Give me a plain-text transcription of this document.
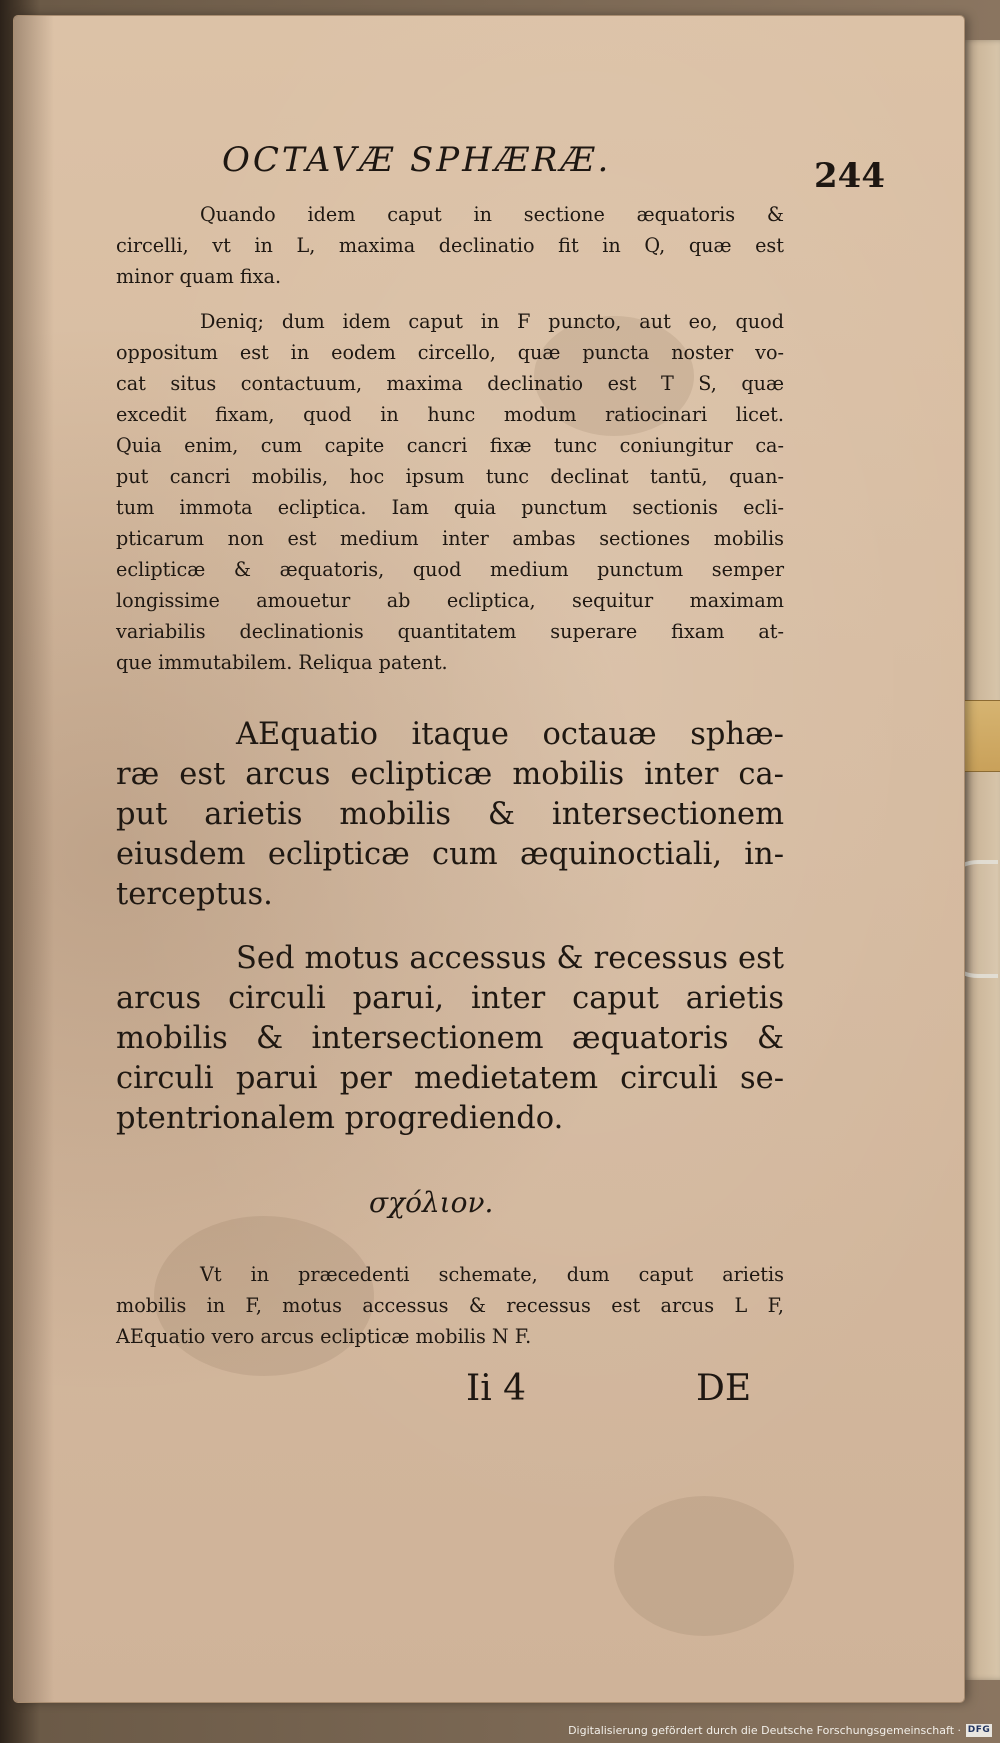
OCTAVÆ SPHÆRÆ.	244
Quando idem caput in sectione æquatoris &
circelli, vt in L, maxima declinatio fit in Q, quæ est
minor quam fixa.
Deniq; dum idem caput in F puncto, aut eo, quod
oppositum est in eodem circello, quæ puncta noster vo-
cat situs contactuum, maxima declinatio est T S, quæ
excedit fixam, quod in hunc modum ratiocinari licet.
Quia enim, cum capite cancri fixæ tunc coniungitur ca-
put cancri mobilis, hoc ipsum tunc declinat tantū, quan-
tum immota ecliptica. Iam quia punctum sectionis ecli-
pticarum non est medium inter ambas sectiones mobilis
eclipticæ & æquatoris, quod medium punctum semper
longissime amouetur ab ecliptica, sequitur maximam
variabilis declinationis quantitatem superare fixam at-
que immutabilem. Reliqua patent.
AEquatio itaque octauæ sphæ-
ræ est arcus eclipticæ mobilis inter ca-
put arietis mobilis & intersectionem
eiusdem eclipticæ cum æquinoctiali, in-
terceptus.
Sed motus accessus & recessus est
arcus circuli parui, inter caput arietis
mobilis & intersectionem æquatoris &
circuli parui per medietatem circuli se-
ptentrionalem progrediendo.
σχόλιον.
Vt in præcedenti schemate, dum caput arietis
mobilis in F, motus accessus & recessus est arcus L F,
AEquatio vero arcus eclipticæ mobilis N F.
Ii 4	DE
Digitalisierung gefördert durch die Deutsche Forschungsgemeinschaft · DFG
